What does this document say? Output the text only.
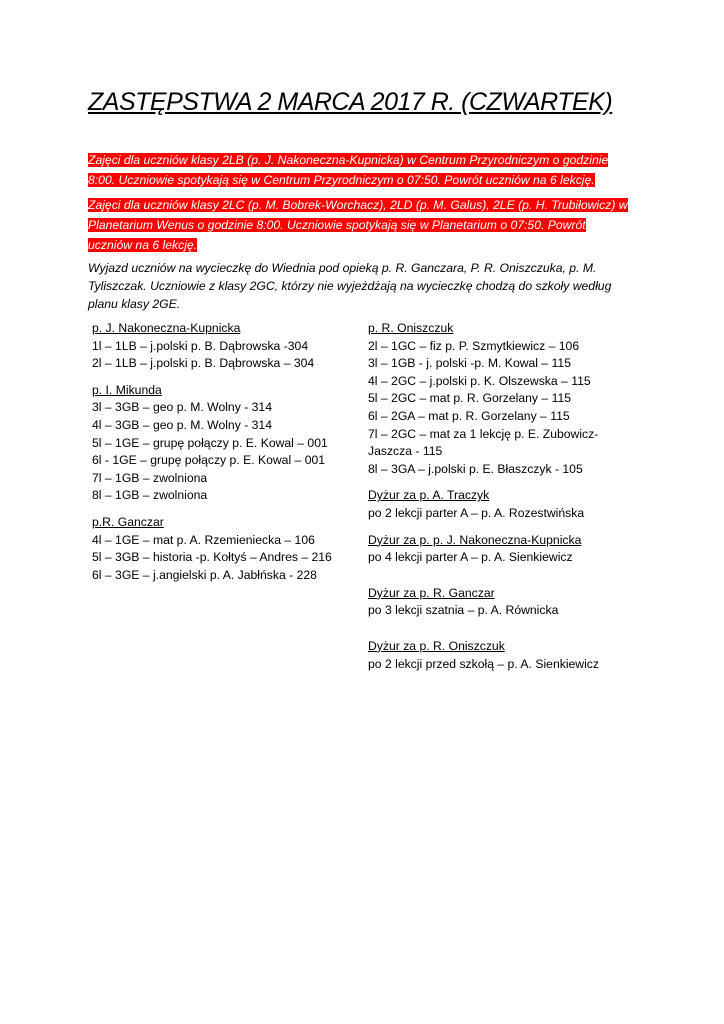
ZASTĘPSTWA 2 MARCA 2017 R. (CZWARTEK)
Zajęci dla uczniów klasy 2LB (p. J. Nakoneczna-Kupnicka) w Centrum Przyrodniczym o godzinie 8:00. Uczniowie spotykają się w Centrum Przyrodniczym o 07:50. Powrót uczniów na 6 lekcję.
Zajęci dla uczniów klasy 2LC (p. M. Bobrek-Worchacz), 2LD (p. M. Galus), 2LE (p. H. Trubiłowicz) w Planetarium Wenus o godzinie 8:00. Uczniowie spotykają się w Planetarium o 07:50. Powrót uczniów na 6 lekcję.
Wyjazd uczniów na wycieczkę do Wiednia pod opieką p. R. Ganczara, P. R. Oniszczuka, p. M. Tyliszczak. Uczniowie z klasy 2GC, którzy nie wyjeżdżają na wycieczkę chodzą do szkoły według planu klasy 2GE.
p. J. Nakoneczna-Kupnicka
1l – 1LB – j.polski p. B. Dąbrowska -304
2l – 1LB – j.polski p. B. Dąbrowska – 304
p. I. Mikunda
3l – 3GB – geo p. M. Wolny - 314
4l – 3GB – geo p. M. Wolny - 314
5l – 1GE – grupę połączy p. E. Kowal – 001
6l - 1GE – grupę połączy p. E. Kowal – 001
7l – 1GB – zwolniona
8l – 1GB – zwolniona
p.R. Ganczar
4l – 1GE – mat p. A. Rzemieniecka – 106
5l – 3GB – historia -p. Kołtyś – Andres – 216
6l – 3GE – j.angielski p. A. Jabłńska - 228
p. R. Oniszczuk
2l – 1GC – fiz p. P. Szmytkiewicz – 106
3l – 1GB - j. polski -p. M. Kowal – 115
4l – 2GC – j.polski p. K. Olszewska – 115
5l – 2GC – mat p. R. Gorzelany – 115
6l – 2GA – mat p. R. Gorzelany – 115
7l – 2GC – mat za 1 lekcję p. E. Zubowicz-Jaszcza - 115
8l – 3GA – j.polski p. E. Błaszczyk - 105
Dyżur za p. A. Traczyk
po 2 lekcji parter A – p. A. Rozestwińska
Dyżur za p. p. J. Nakoneczna-Kupnicka
po 4 lekcji parter A – p. A. Sienkiewicz
Dyżur za p. R. Ganczar
po 3 lekcji szatnia – p. A. Równicka
Dyżur za p. R. Oniszczuk
po 2 lekcji przed szkołą – p. A. Sienkiewicz
